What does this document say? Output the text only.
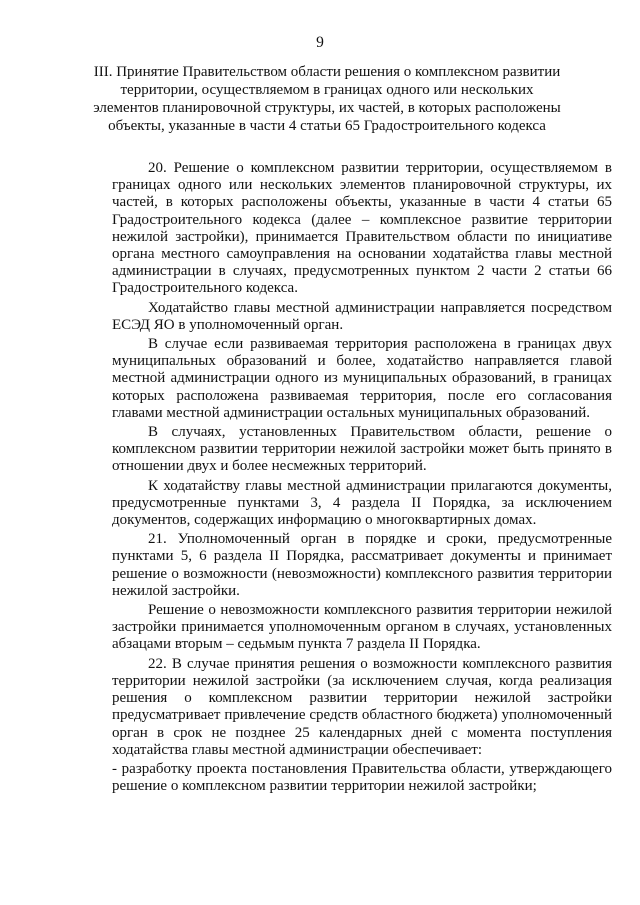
9
III. Принятие Правительством области решения о комплексном развитии территории, осуществляемом в границах одного или нескольких элементов планировочной структуры, их частей, в которых расположены объекты, указанные в части 4 статьи 65 Градостроительного кодекса

20. Решение о комплексном развитии территории, осуществляемом в границах одного или нескольких элементов планировочной структуры, их частей, в которых расположены объекты, указанные в части 4 статьи 65 Градостроительного кодекса (далее – комплексное развитие территории нежилой застройки), принимается Правительством области по инициативе органа местного самоуправления на основании ходатайства главы местной администрации в случаях, предусмотренных пунктом 2 части 2 статьи 66 Градостроительного кодекса.

Ходатайство главы местной администрации направляется посредством ЕСЭД ЯО в уполномоченный орган.

В случае если развиваемая территория расположена в границах двух муниципальных образований и более, ходатайство направляется главой местной администрации одного из муниципальных образований, в границах которых расположена развиваемая территория, после его согласования главами местной администрации остальных муниципальных образований.

В случаях, установленных Правительством области, решение о комплексном развитии территории нежилой застройки может быть принято в отношении двух и более несмежных территорий.

К ходатайству главы местной администрации прилагаются документы, предусмотренные пунктами 3, 4 раздела II Порядка, за исключением документов, содержащих информацию о многоквартирных домах.

21. Уполномоченный орган в порядке и сроки, предусмотренные пунктами 5, 6 раздела II Порядка, рассматривает документы и принимает решение о возможности (невозможности) комплексного развития территории нежилой застройки.

Решение о невозможности комплексного развития территории нежилой застройки принимается уполномоченным органом в случаях, установленных абзацами вторым – седьмым пункта 7 раздела II Порядка.

22. В случае принятия решения о возможности комплексного развития территории нежилой застройки (за исключением случая, когда реализация решения о комплексном развитии территории нежилой застройки предусматривает привлечение средств областного бюджета) уполномоченный орган в срок не позднее 25 календарных дней с момента поступления ходатайства главы местной администрации обеспечивает:

- разработку проекта постановления Правительства области, утверждающего решение о комплексном развитии территории нежилой застройки;
